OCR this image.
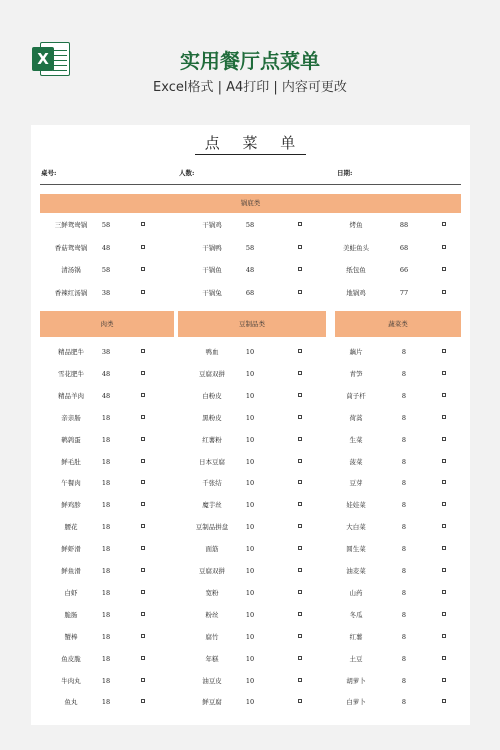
X	实用餐厅点菜单
Excel格式 | A4打印 | 内容可更改
点 菜 单
桌号:	人数:	日期:
锅底类
肉类	豆制品类	蔬菜类
三鲜鸳鸯锅	58	干锅鸡	58	烤鱼	88
香菇鸳鸯锅	48	干锅鸭	58	美蛙鱼头	68
清汤锅	58	干锅鱼	48	纸包鱼	66
香辣红汤锅	38	干锅兔	68	地锅鸡	77
精品肥牛	38	鸭血	10	藕片	8
雪花肥牛	48	豆腐双拼	10	青笋	8
精品羊肉	48	白粉皮	10	茼子杆	8
亲亲肠	18	黑粉皮	10	荷蒿	8
鹌鹑蛋	18	红薯粉	10	生菜	8
鲜毛肚	18	日本豆腐	10	菠菜	8
午餐肉	18	千张结	10	豆芽	8
鲜鸡胗	18	魔芋丝	10	娃娃菜	8
腰花	18	豆制品拼盘	10	大白菜	8
鲜虾滑	18	面筋	10	圆生菜	8
鲜鱼滑	18	豆腐双拼	10	油麦菜	8
白虾	18	宽粉	10	山药	8
脆肠	18	粉丝	10	冬瓜	8
蟹棒	18	腐竹	10	红薯	8
鱼皮脆	18	年糕	10	土豆	8
牛肉丸	18	油豆皮	10	胡萝卜	8
鱼丸	18	鲜豆腐	10	白萝卜	8
